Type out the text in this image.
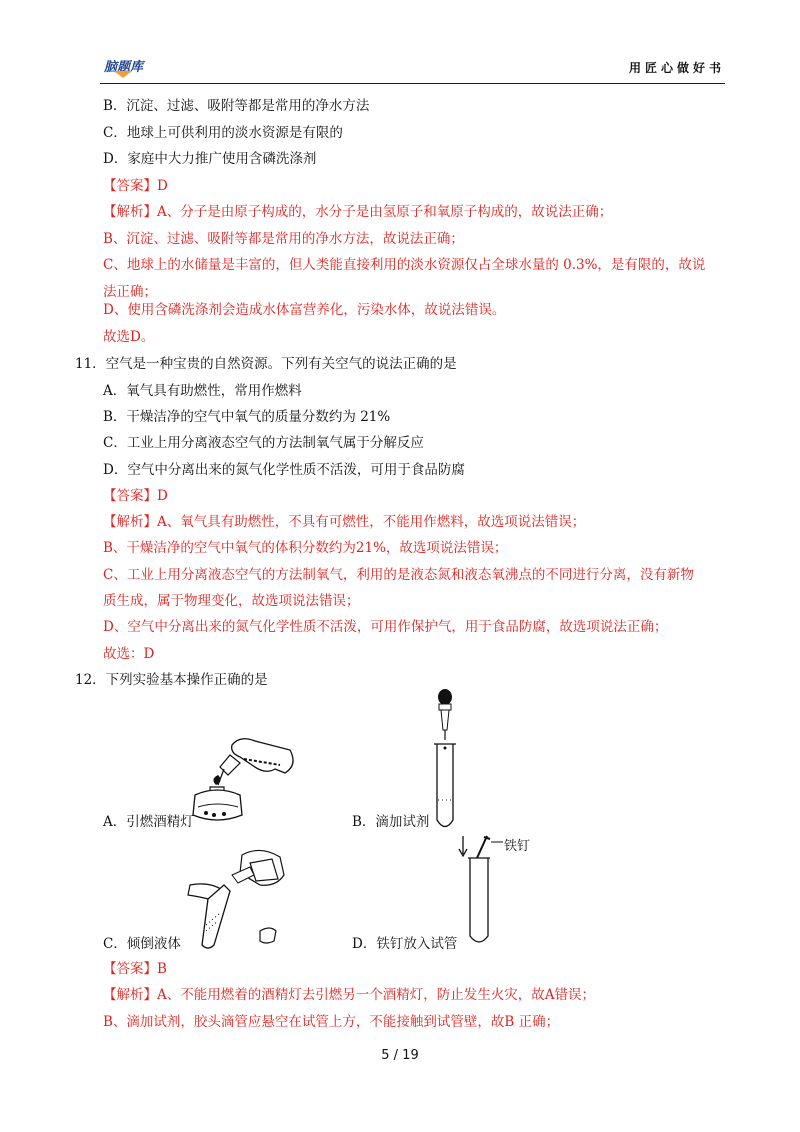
脑题库	用匠心做好书
B．沉淀、过滤、吸附等都是常用的净水方法
C．地球上可供利用的淡水资源是有限的
D．家庭中大力推广使用含磷洗涤剂
【答案】D
【解析】A、分子是由原子构成的，水分子是由氢原子和氧原子构成的，故说法正确；
B、沉淀、过滤、吸附等都是常用的净水方法，故说法正确；
C、地球上的水储量是丰富的，但人类能直接利用的淡水资源仅占全球水量的 0.3%，是有限的，故说
法正确；
D、使用含磷洗涤剂会造成水体富营养化，污染水体，故说法错误。
故选D。
11．空气是一种宝贵的自然资源。下列有关空气的说法正确的是
A．氧气具有助燃性，常用作燃料
B．干燥洁净的空气中氧气的质量分数约为 21%
C．工业上用分离液态空气的方法制氧气属于分解反应
D．空气中分离出来的氮气化学性质不活泼，可用于食品防腐
【答案】D
【解析】A、氧气具有助燃性，不具有可燃性，不能用作燃料，故选项说法错误；
B、干燥洁净的空气中氧气的体积分数约为21%，故选项说法错误；
C、工业上用分离液态空气的方法制氧气，利用的是液态氮和液态氧沸点的不同进行分离，没有新物
质生成，属于物理变化，故选项说法错误；
D、空气中分离出来的氮气化学性质不活泼，可用作保护气，用于食品防腐，故选项说法正确；
故选：D
12．下列实验基本操作正确的是
【答案】B
【解析】A、不能用燃着的酒精灯去引燃另一个酒精灯，防止发生火灾，故A错误；
B、滴加试剂，胶头滴管应悬空在试管上方，不能接触到试管壁，故B 正确；
A．引燃酒精灯	B．滴加试剂
C．倾倒液体
铁钉
D．铁钉放入试管
5 / 19
